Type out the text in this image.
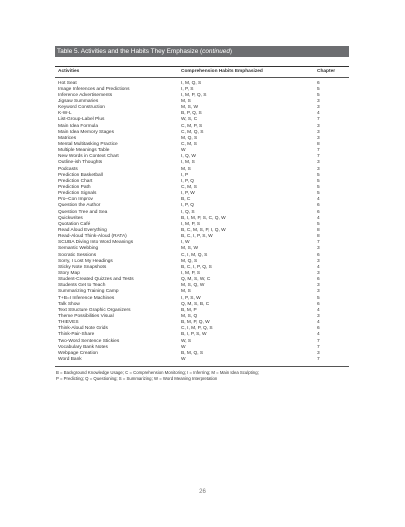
Table 5. Activities and the Habits They Emphasize (continued)
Activities	Comprehension Habits Emphasized	Chapter
Hot Seat	I, M, Q, S	6
Image Inferences and Predictions	I, P, S	5
Inference Advertisements	I, M, P, Q, S	5
Jigsaw Summaries	M, S	3
Keyword Construction	M, S, W	3
K-W-L	B, P, Q, S	4
List-Group-Label Plus	W, S, C	7
Main Idea Formula	C, M, P, S	3
Main Idea Memory Stages	C, M, Q, S	3
Matrices	M, Q, S	3
Mental Multitasking Practice	C, M, S	8
Multiple Meanings Table	W	7
New Words in Context Chart	I, Q, W	7
Outline-ish Thoughts	I, M, S	3
Podcasts	M, S	3
Prediction Basketball	I, P	5
Prediction Chart	I, P, Q	5
Prediction Path	C, M, S	5
Prediction Signals	I, P, W	5
Pro–Con Improv	B, C	4
Question the Author	I, P, Q	6
Question Tree and Sea	I, Q, S	6
Quickwrites	B, I, M, P, S, C, Q, W	4
Quotation Café	I, M, P, S	5
Read Aloud Everything	B, C, M, S, P, I, Q, W	8
Read-Aloud Think-Aloud (RATA)	B, C, I, P, S, W	8
SCUBA Diving Into Word Meanings	I, W	7
Semantic Webbing	M, S, W	3
Socratic Sessions	C, I, M, Q, S	6
Sorry, I Lost My Headings	M, Q, S	3
Sticky Note Snapshots	B, C, I, P, Q, S	4
Story Map	I, M, P, S	3
Student-Created Quizzes and Tests	Q, M, S, W, C	6
Students Get to Teach	M, S, Q, W	3
Summarizing Training Camp	M, S	3
T+B=I Inference Machines	I, P, S, W	5
Talk Show	Q, M, S, B, C	6
Text Structure Graphic Organizers	B, M, P	4
Theme Possibilities Visual	M, S, Q	3
THIEVES	B, M, P, Q, W	4
Think-Aloud Note Grids	C, I, M, P, Q, S	6
Think-Pair-Share	B, I, P, S, W	4
Two-Word Sentence Stickies	W, S	7
Vocabulary Bank Notes	W	7
Webpage Creation	B, M, Q, S	3
Word Bank	W	7
B = Background Knowledge Usage; C = Comprehension Monitoring; I = Inferring; M = Main Idea Sculpting;
P = Predicting; Q = Questioning; S = Summarizing; W = Word Meaning Interpretation
26
